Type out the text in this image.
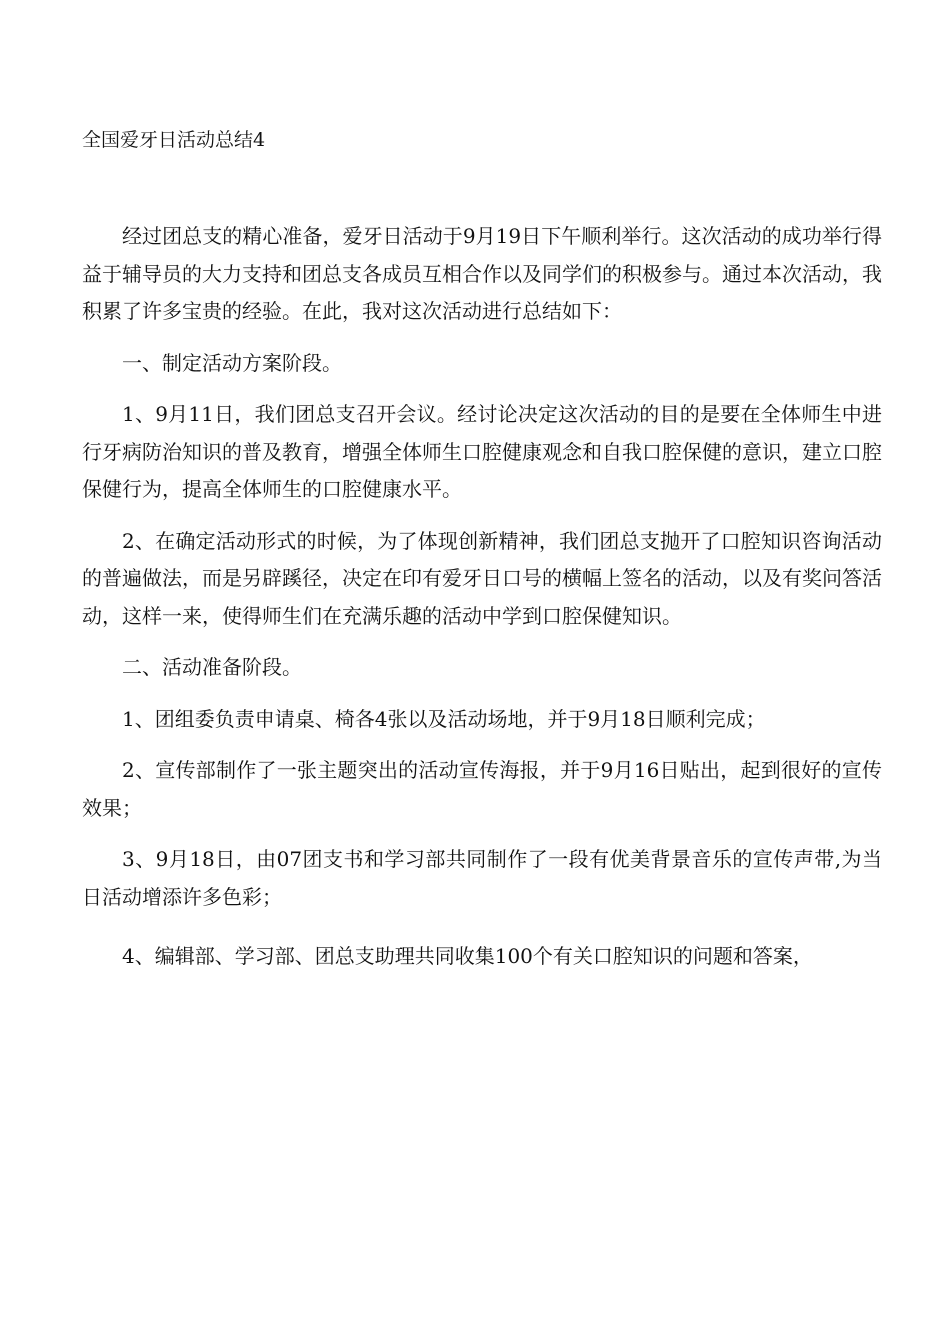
全国爱牙日活动总结4

经过团总支的精心准备，爱牙日活动于9月19日下午顺利举行。这次活动的成功举行得益于辅导员的大力支持和团总支各成员互相合作以及同学们的积极参与。通过本次活动，我积累了许多宝贵的经验。在此，我对这次活动进行总结如下：

一、制定活动方案阶段。

1、9月11日，我们团总支召开会议。经讨论决定这次活动的目的是要在全体师生中进行牙病防治知识的普及教育，增强全体师生口腔健康观念和自我口腔保健的意识，建立口腔保健行为，提高全体师生的口腔健康水平。

2、在确定活动形式的时候，为了体现创新精神，我们团总支抛开了口腔知识咨询活动的普遍做法，而是另辟蹊径，决定在印有爱牙日口号的横幅上签名的活动，以及有奖问答活动，这样一来，使得师生们在充满乐趣的活动中学到口腔保健知识。

二、活动准备阶段。

1、团组委负责申请桌、椅各4张以及活动场地，并于9月18日顺利完成；

2、宣传部制作了一张主题突出的活动宣传海报，并于9月16日贴出，起到很好的宣传效果；

3、9月18日，由07团支书和学习部共同制作了一段有优美背景音乐的宣传声带,为当日活动增添许多色彩；

4、编辑部、学习部、团总支助理共同收集100个有关口腔知识的问题和答案，
